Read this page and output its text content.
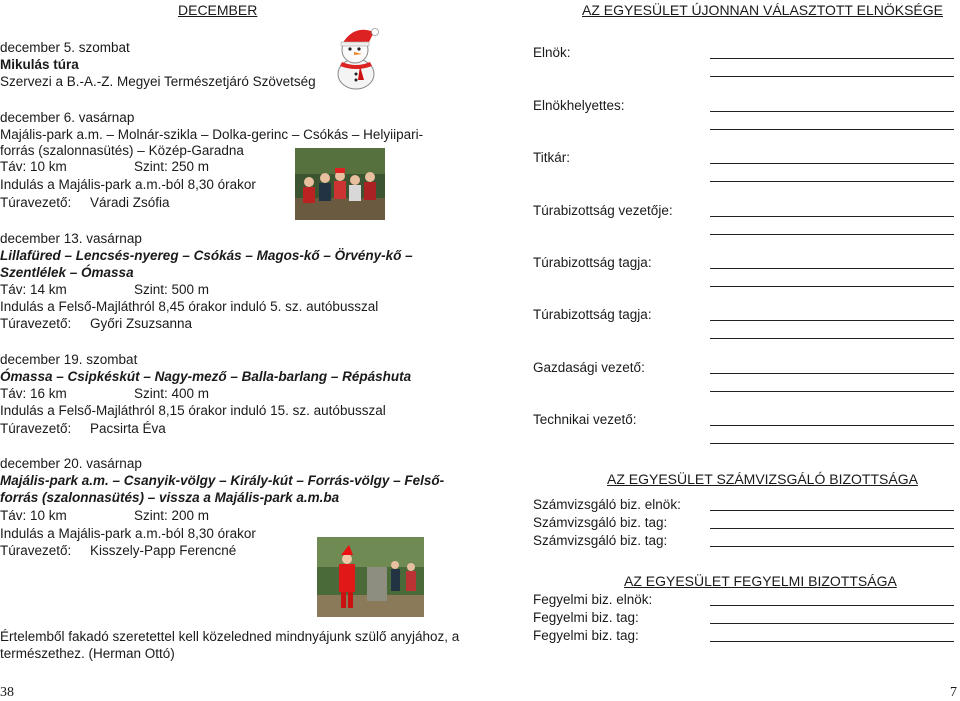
DECEMBER
december 5. szombat
Mikulás túra
Szervezi a B.-A.-Z. Megyei Természetjáró Szövetség
december 6. vasárnap
Majális-park a.m. – Molnár-szikla – Dolka-gerinc – Csókás – Helyiipari-
forrás (szalonnasütés) – Közép-Garadna
Táv: 10 km	Szint: 250 m
Indulás a Majális-park a.m.-ból 8,30 órakor
Túravezető: Váradi Zsófia
december 13. vasárnap
Lillafüred – Lencsés-nyereg – Csókás – Magos-kő – Örvény-kő –
Szentlélek – Ómassa
Táv: 14 km	Szint: 500 m
Indulás a Felső-Majláthról 8,45 órakor induló 5. sz. autóbusszal
Túravezető: Győri Zsuzsanna
december 19. szombat
Ómassa – Csipkéskút – Nagy-mező – Balla-barlang – Répáshuta
Táv: 16 km	Szint: 400 m
Indulás a Felső-Majláthról 8,15 órakor induló 15. sz. autóbusszal
Túravezető: Pacsirta Éva
december 20. vasárnap
Majális-park a.m. – Csanyik-völgy – Király-kút – Forrás-völgy – Felső-
forrás (szalonnasütés) – vissza a Majális-park a.m.ba
Táv: 10 km	Szint: 200 m
Indulás a Majális-park a.m.-ból 8,30 órakor
Túravezető: Kisszely-Papp Ferencné
Értelemből fakadó szeretettel kell közeledned mindnyájunk szülő anyjához, a
természethez. (Herman Ottó)
38
AZ EGYESÜLET ÚJONNAN VÁLASZTOTT ELNÖKSÉGE
Elnök:
Elnökhelyettes:
Titkár:
Túrabizottság vezetője:
Túrabizottság tagja:
Túrabizottság tagja:
Gazdasági vezető:
Technikai vezető:
AZ EGYESÜLET SZÁMVIZSGÁLÓ BIZOTTSÁGA
Számvizsgáló biz. elnök:
Számvizsgáló biz. tag:
Számvizsgáló biz. tag:
AZ EGYESÜLET FEGYELMI BIZOTTSÁGA
Fegyelmi biz. elnök:
Fegyelmi biz. tag:
Fegyelmi biz. tag:
7
